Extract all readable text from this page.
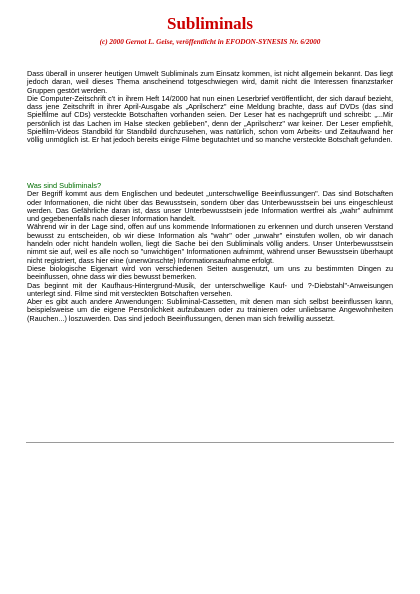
Subliminals

(c) 2000 Gernot L. Geise, veröffentlicht in EFODON-SYNESIS Nr. 6/2000

Dass überall in unserer heutigen Umwelt Subliminals zum Einsatz kommen, ist nicht allgemein bekannt. Das liegt jedoch daran, weil dieses Thema anscheinend totgeschwiegen wird, damit nicht die Interessen finanzstarker Gruppen gestört werden.

Die Computer-Zeitschrift c't in ihrem Heft 14/2000 hat nun einen Leserbrief veröffentlicht, der sich darauf bezieht, dass jene Zeitschrift in ihrer April-Ausgabe als „Aprilscherz" eine Meldung brachte, dass auf DVDs (das sind Spielfilme auf CDs) versteckte Botschaften vorhanden seien. Der Leser hat es nachgeprüft und schreibt: „...Mir persönlich ist das Lachen im Halse stecken geblieben", denn der „Aprilscherz" war keiner. Der Leser empfiehlt, Spielfilm-Videos Standbild für Standbild durchzusehen, was natürlich, schon vom Arbeits- und Zeitaufwand her völlig unmöglich ist. Er hat jedoch bereits einige Filme begutachtet und so manche versteckte Botschaft gefunden.

Was sind Subliminals?

Der Begriff kommt aus dem Englischen und bedeutet „unterschwellige Beeinflussungen". Das sind Botschaften oder Informationen, die nicht über das Bewusstsein, sondern über das Unterbewusstsein bei uns eingeschleust werden. Das Gefährliche daran ist, dass unser Unterbewusstsein jede Information wertfrei als „wahr" aufnimmt und gegebenenfalls nach dieser Information handelt.

Während wir in der Lage sind, offen auf uns kommende Informationen zu erkennen und durch unseren Verstand bewusst zu entscheiden, ob wir diese Information als "wahr" oder „unwahr" einstufen wollen, ob wir danach handeln oder nicht handeln wollen, liegt die Sache bei den Subliminals völlig anders. Unser Unterbewusstsein nimmt sie auf, weil es alle noch so "unwichtigen" Informationen aufnimmt, während unser Bewusstsein überhaupt nicht registriert, dass hier eine (unerwünschte) Informationsaufnahme erfolgt.

Diese biologische Eigenart wird von verschiedenen Seiten ausgenutzt, um uns zu bestimmten Dingen zu beeinflussen, ohne dass wir dies bewusst bemerken.

Das beginnt mit der Kaufhaus-Hintergrund-Musik, der unterschwellige Kauf- und ?-Diebstahl"-Anweisungen unterlegt sind. Filme sind mit versteckten Botschaften versehen.

Aber es gibt auch andere Anwendungen: Subliminal-Cassetten, mit denen man sich selbst beeinflussen kann, beispielsweise um die eigene Persönlichkeit aufzubauen oder zu trainieren oder unliebsame Angewohnheiten (Rauchen...) loszuwerden. Das sind jedoch Beeinflussungen, denen man sich freiwillig aussetzt.
